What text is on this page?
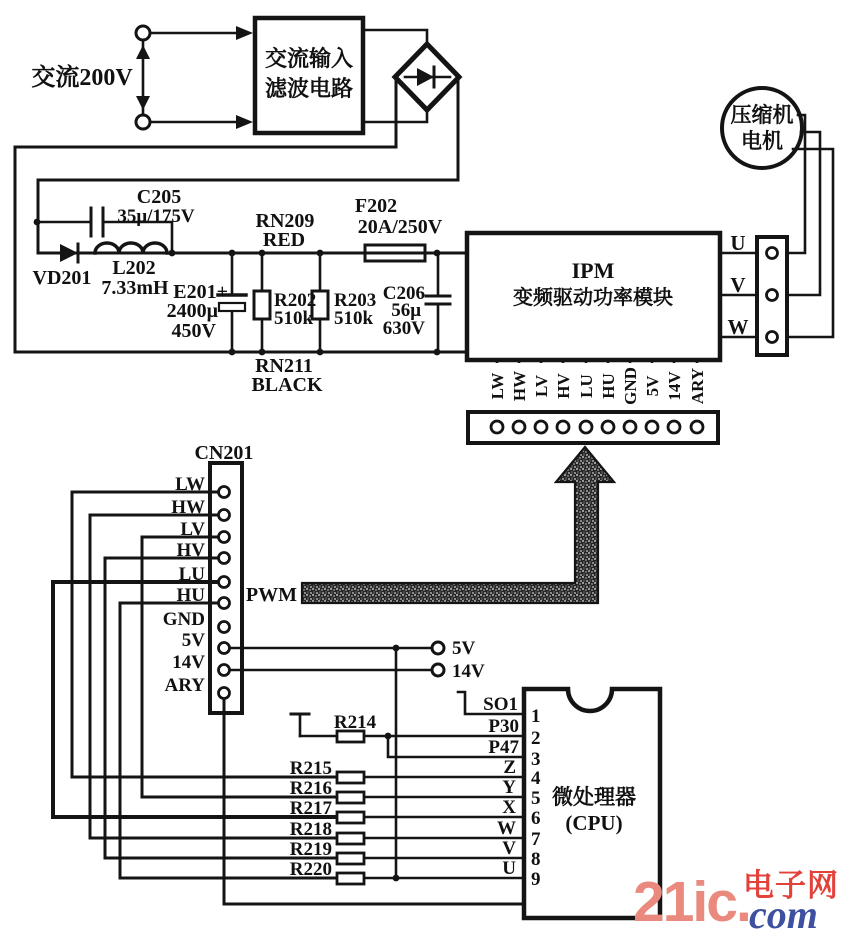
交流200V
交流输入
滤波电路
压缩机
电机
C205
35μ/175V
VD201 L202
7.33mH E201+
2400μ
450V
RN209
RED
F202
20A/250V
R202
510k
R203
510k
C206
56μ
630V
RN211
BLACK
IPM
变频驱动功率模块
U
V
W
LW HW LV HV LU HU GND 5V 14V ARY
CN201
LW
HW
LV
HV
LU
HU
GND
5V
14V
ARY
PWM
5V
14V
R214
R215
R216
R217
R218
R219
R220
SO1
P30
P47
Z
Y
X
W
V
U
1
2
3
4
5
6
7
8
9
微处理器
(CPU)
21ic.
电子网
com
